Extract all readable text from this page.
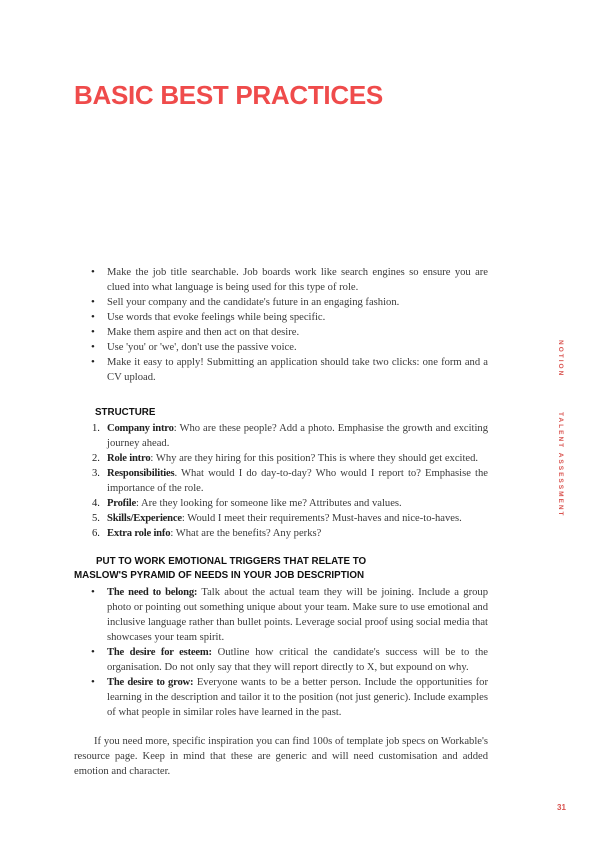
BASIC BEST PRACTICES
• Make the job title searchable. Job boards work like search engines so ensure you are clued into what language is being used for this type of role.
• Sell your company and the candidate's future in an engaging fashion.
• Use words that evoke feelings while being specific.
• Make them aspire and then act on that desire.
• Use 'you' or 'we', don't use the passive voice.
• Make it easy to apply! Submitting an application should take two clicks: one form and a CV upload.
STRUCTURE
1. Company intro: Who are these people? Add a photo. Emphasise the growth and exciting journey ahead.
2. Role intro: Why are they hiring for this position? This is where they should get excited.
3. Responsibilities. What would I do day-to-day? Who would I report to? Emphasise the importance of the role.
4. Profile: Are they looking for someone like me? Attributes and values.
5. Skills/Experience: Would I meet their requirements? Must-haves and nice-to-haves.
6. Extra role info: What are the benefits? Any perks?
PUT TO WORK EMOTIONAL TRIGGERS THAT RELATE TO
MASLOW'S PYRAMID OF NEEDS IN YOUR JOB DESCRIPTION
• The need to belong: Talk about the actual team they will be joining. Include a group photo or pointing out something unique about your team. Make sure to use emotional and inclusive language rather than bullet points. Leverage social proof using social media that showcases your team spirit.
• The desire for esteem: Outline how critical the candidate's success will be to the organisation. Do not only say that they will report directly to X, but expound on why.
• The desire to grow: Everyone wants to be a better person. Include the opportunities for learning in the description and tailor it to the position (not just generic). Include examples of what people in similar roles have learned in the past.

If you need more, specific inspiration you can find 100s of template job specs on Workable's resource page. Keep in mind that these are generic and will need customisation and added emotion and character.

NOTION
TALENT ASSESSMENT
31
